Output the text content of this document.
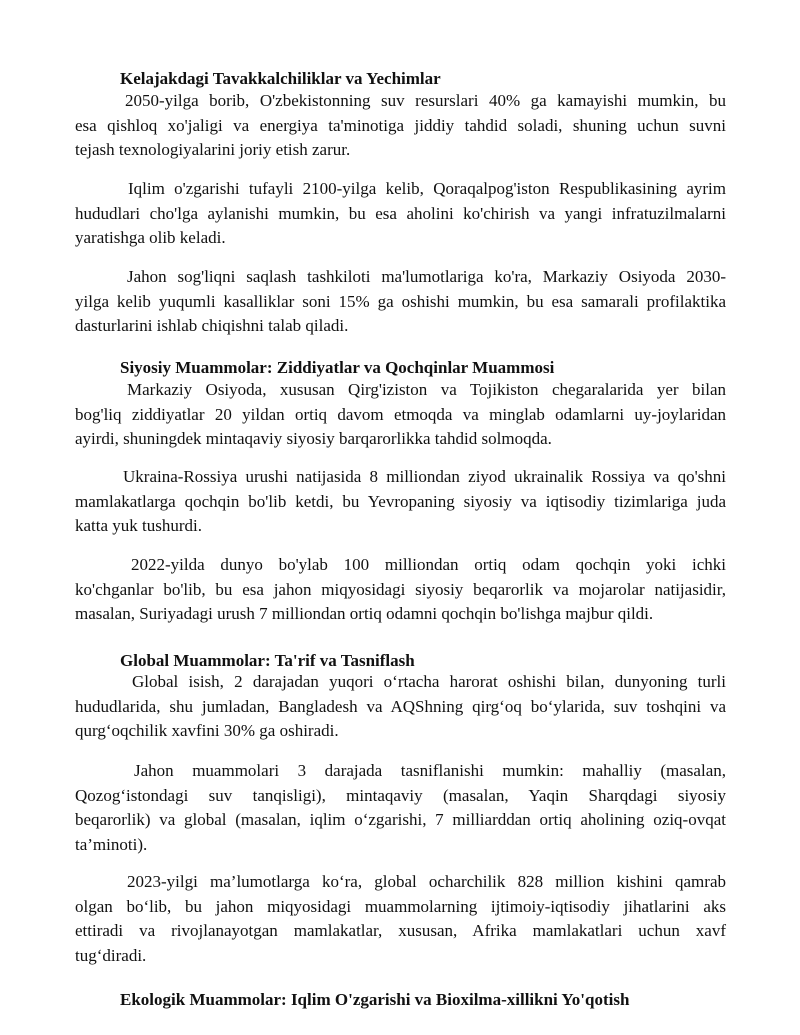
Kelajakdagi Tavakkalchiliklar va Yechimlar
2050-yilga borib, O'zbekistonning suv resurslari 40% ga kamayishi mumkin, bu
esa qishloq xo'jaligi va energiya ta'minotiga jiddiy tahdid soladi, shuning uchun suvni
tejash texnologiyalarini joriy etish zarur.
Iqlim o'zgarishi tufayli 2100-yilga kelib, Qoraqalpog'iston Respublikasining ayrim
hududlari cho'lga aylanishi mumkin, bu esa aholini ko'chirish va yangi infratuzilmalarni
yaratishga olib keladi.
Jahon sog'liqni saqlash tashkiloti ma'lumotlariga ko'ra, Markaziy Osiyoda 2030-
yilga kelib yuqumli kasalliklar soni 15% ga oshishi mumkin, bu esa samarali profilaktika
dasturlarini ishlab chiqishni talab qiladi.
Siyosiy Muammolar: Ziddiyatlar va Qochqinlar Muammosi
Markaziy Osiyoda, xususan Qirg'iziston va Tojikiston chegaralarida yer bilan
bog'liq ziddiyatlar 20 yildan ortiq davom etmoqda va minglab odamlarni uy-joylaridan
ayirdi, shuningdek mintaqaviy siyosiy barqarorlikka tahdid solmoqda.
Ukraina-Rossiya urushi natijasida 8 milliondan ziyod ukrainalik Rossiya va qo'shni
mamlakatlarga qochqin bo'lib ketdi, bu Yevropaning siyosiy va iqtisodiy tizimlariga juda
katta yuk tushurdi.
2022-yilda dunyo bo'ylab 100 milliondan ortiq odam qochqin yoki ichki
ko'chganlar bo'lib, bu esa jahon miqyosidagi siyosiy beqarorlik va mojarolar natijasidir,
masalan, Suriyadagi urush 7 milliondan ortiq odamni qochqin bo'lishga majbur qildi.
Global Muammolar: Ta'rif va Tasniflash
Global isish, 2 darajadan yuqori o‘rtacha harorat oshishi bilan, dunyoning turli
hududlarida, shu jumladan, Bangladesh va AQShning qirg‘oq bo‘ylarida, suv toshqini va
qurg‘oqchilik xavfini 30% ga oshiradi.
Jahon muammolari 3 darajada tasniflanishi mumkin: mahalliy (masalan,
Qozog‘istondagi suv tanqisligi), mintaqaviy (masalan, Yaqin Sharqdagi siyosiy
beqarorlik) va global (masalan, iqlim o‘zgarishi, 7 milliarddan ortiq aholining oziq-ovqat
ta’minoti).
2023-yilgi ma’lumotlarga ko‘ra, global ocharchilik 828 million kishini qamrab
olgan bo‘lib, bu jahon miqyosidagi muammolarning ijtimoiy-iqtisodiy jihatlarini aks
ettiradi va rivojlanayotgan mamlakatlar, xususan, Afrika mamlakatlari uchun xavf
tug‘diradi.
Ekologik Muammolar: Iqlim O'zgarishi va Bioxilma-xillikni Yo'qotish
